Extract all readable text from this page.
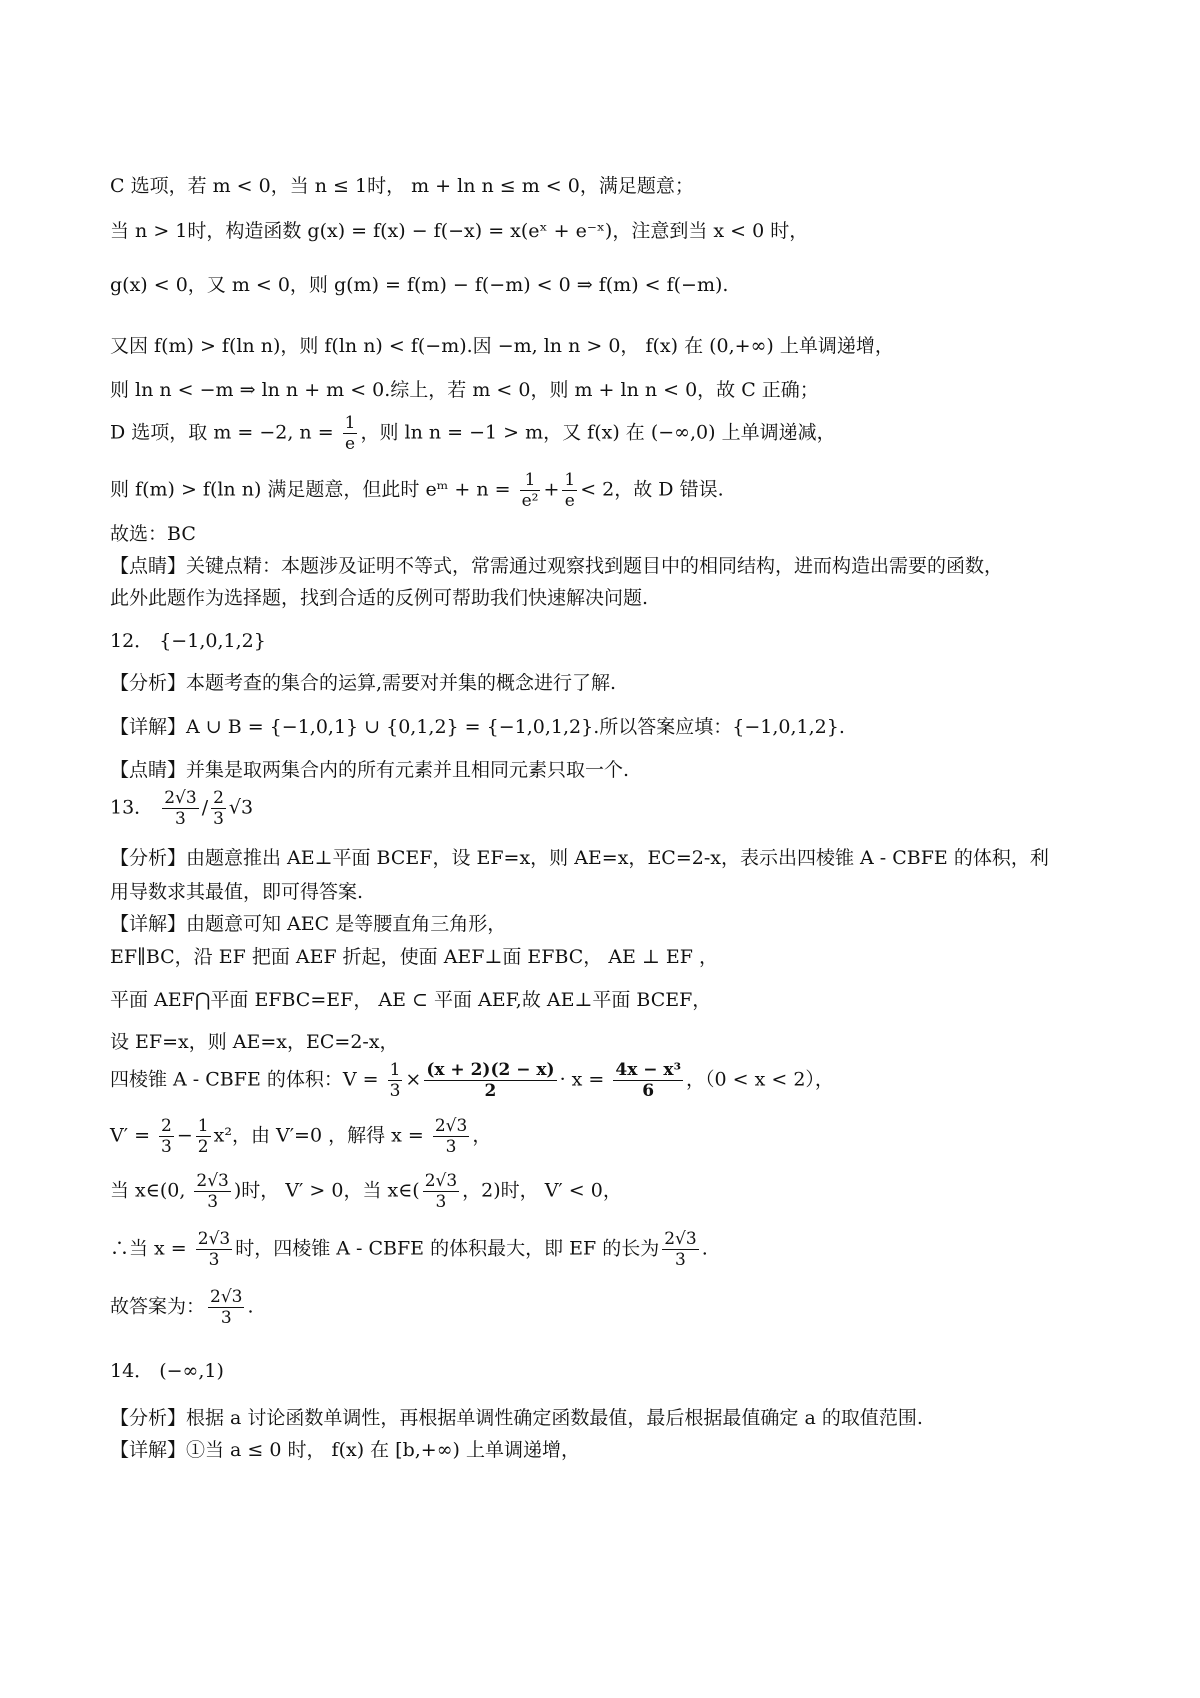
C 选项，若 m < 0，当 n ≤ 1时， m + ln n ≤ m < 0，满足题意；
当 n > 1时，构造函数 g(x) = f(x) − f(−x) = x(eˣ + e⁻ˣ)，注意到当 x < 0 时，
g(x) < 0，又 m < 0，则 g(m) = f(m) − f(−m) < 0 ⇒ f(m) < f(−m).
又因 f(m) > f(ln n)，则 f(ln n) < f(−m).因 −m, ln n > 0， f(x) 在 (0,+∞) 上单调递增，
则 ln n < −m ⇒ ln n + m < 0.综上，若 m < 0，则 m + ln n < 0，故 C 正确；
D 选项，取 m = −2, $n = \frac{1}{e}$ ，则 ln n = −1 > m，又 f(x) 在 (−∞,0) 上单调递减，
则 f(m) > f(ln n) 满足题意，但此时 eᵐ + $n = \frac{1}{\text{e²}} + \frac{1}{e} < 2$，故 D 错误.
故选：BC
【点睛】关键点精：本题涉及证明不等式，常需通过观察找到题目中的相同结构，进而构造出需要的函数，
此外此题作为选择题，找到合适的反例可帮助我们快速解决问题.
12． {−1,0,1,2}
【分析】本题考查的集合的运算,需要对并集的概念进行了解.
【详解】A ∪ B = {−1,0,1} ∪ {0,1,2} = {−1,0,1,2}.所以答案应填：{−1,0,1,2}.
【点睛】并集是取两集合内的所有元素并且相同元素只取一个.
13． $\frac{2√3}{3} / \frac{2}{3} √3$
【分析】由题意推出 AE⊥平面 BCEF，设 EF=x，则 AE=x，EC=2-x，表示出四棱锥 A - CBFE 的体积，利
用导数求其最值，即可得答案.
【详解】由题意可知 AEC 是等腰直角三角形，
EF∥BC，沿 EF 把面 AEF 折起，使面 AEF⊥面 EFBC， AE ⊥ EF ，
平面 AEF⋂平面 EFBC=EF， AE ⊂ 平面 AEF,故 AE⊥平面 BCEF，
设 EF=x，则 AE=x，EC=2-x，
四棱锥 A - CBFE 的体积：$V = \frac{1}{3} \times \frac{(x + 2)(2 - x)}{2} \cdot x = \frac{\text{4x − x³}}{6}$ ，（0 < x < 2），
$V' = \frac{2}{3} - \frac{1}{2} x^2$，由 V′=0 ，解得 $x = \frac{2√3}{3}$ ，
当 x∈(0, $\frac{2√3}{3}$ )时， V′ > 0，当 x∈( $\frac{2√3}{3}$ ，2)时， V′ < 0，
∴当 $x = \frac{2√3}{3}$ 时，四棱锥 A - CBFE 的体积最大，即 EF 的长为 $\frac{2√3}{3}$ .
故答案为： $\frac{2√3}{3}$ .
14． (−∞,1)
【分析】根据 a 讨论函数单调性，再根据单调性确定函数最值，最后根据最值确定 a 的取值范围.
【详解】①当 a ≤ 0 时， f(x) 在 [b,+∞) 上单调递增，
